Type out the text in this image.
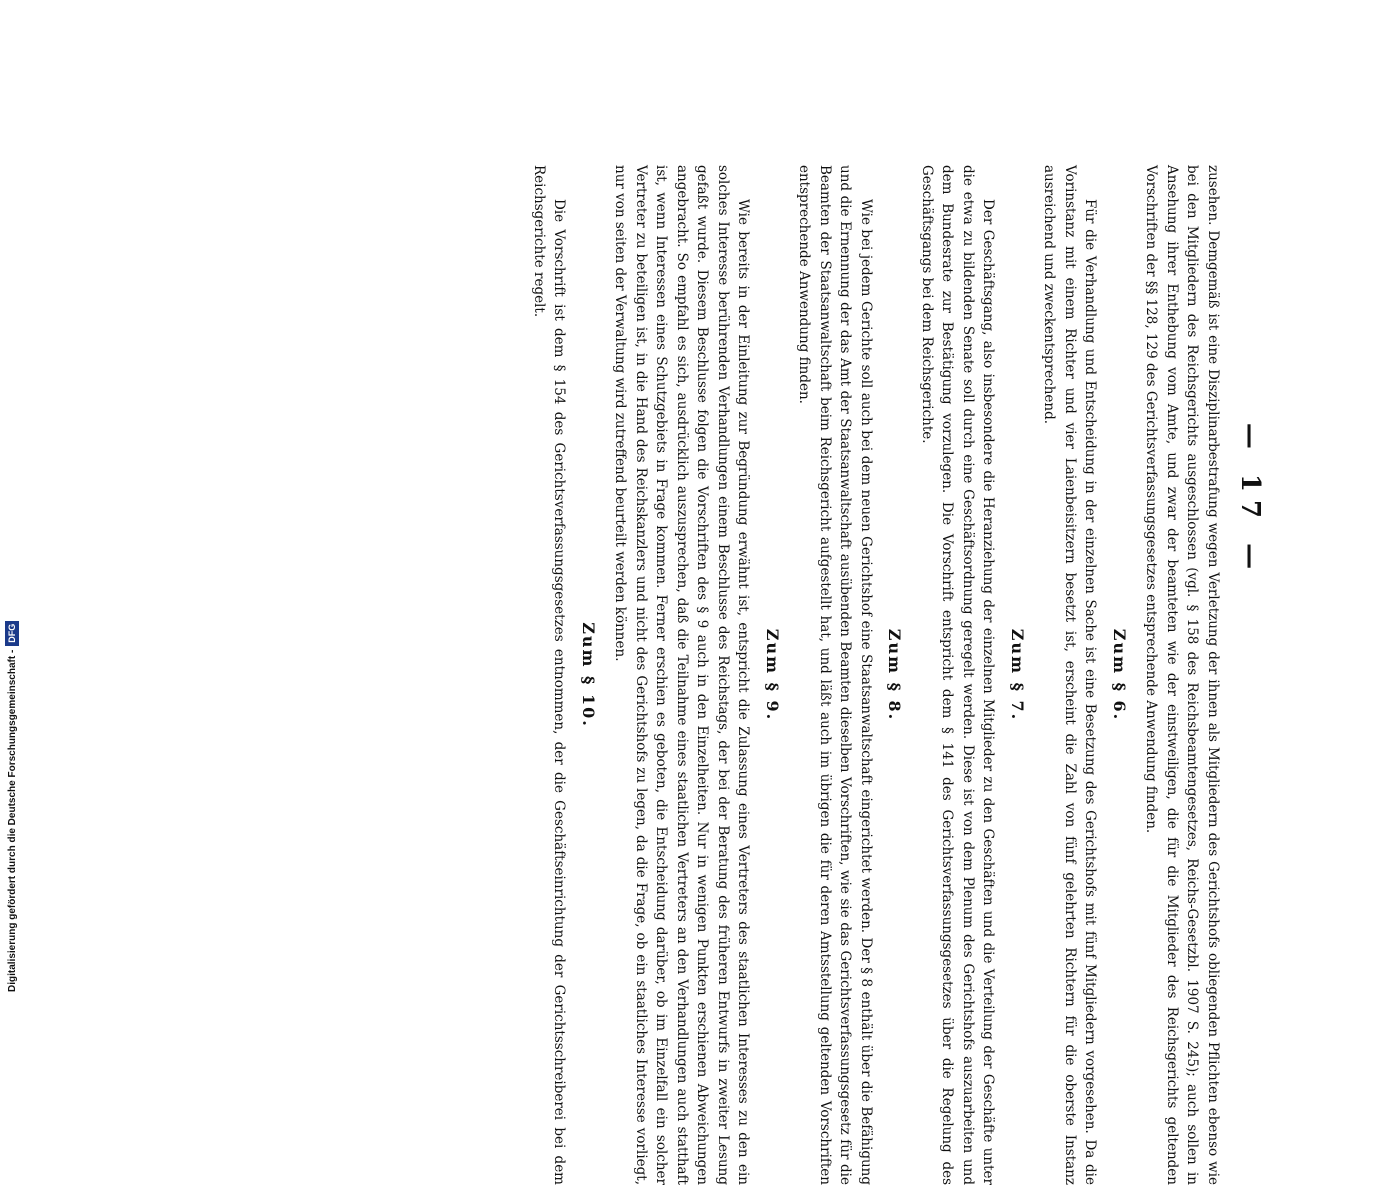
— 17 —

zusehen. Demgemäß ist eine Disziplinarbestrafung wegen Verletzung der ihnen als Mitgliedern des Gerichtshofs obliegenden Pflichten ebenso wie bei den Mitgliedern des Reichsgerichts ausgeschlossen (vgl. § 158 des Reichsbeamtengesetzes, Reichs-Gesetzbl. 1907 S. 245); auch sollen in Ansehung ihrer Enthebung vom Amte, und zwar der beamteten wie der einstweiligen, die für die Mitglieder des Reichsgerichts geltenden Vorschriften der §§ 128, 129 des Gerichtsverfassungsgesetzes entsprechende Anwendung finden.

Zum § 6.

Für die Verhandlung und Entscheidung in der einzelnen Sache ist eine Besetzung des Gerichtshofs mit fünf Mitgliedern vorgesehen. Da die Vorinstanz mit einem Richter und vier Laienbeisitzern besetzt ist, erscheint die Zahl von fünf gelehrten Richtern für die oberste Instanz ausreichend und zweckentsprechend.

Zum § 7.

Der Geschäftsgang, also insbesondere die Heranziehung der einzelnen Mitglieder zu den Geschäften und die Verteilung der Geschäfte unter die etwa zu bildenden Senate soll durch eine Geschäftsordnung geregelt werden. Diese ist von dem Plenum des Gerichtshofs auszuarbeiten und dem Bundesrate zur Bestätigung vorzulegen. Die Vorschrift entspricht dem § 141 des Gerichtsverfassungsgesetzes über die Regelung des Geschäftsgangs bei dem Reichsgerichte.

Zum § 8.

Wie bei jedem Gerichte soll auch bei dem neuen Gerichtshof eine Staatsanwaltschaft eingerichtet werden. Der § 8 enthält über die Befähigung und die Ernennung der das Amt der Staatsanwaltschaft ausübenden Beamten dieselben Vorschriften, wie sie das Gerichtsverfassungsgesetz für die Beamten der Staatsanwaltschaft beim Reichsgericht aufgestellt hat, und läßt auch im übrigen die für deren Amtsstellung geltenden Vorschriften entsprechende Anwendung finden.

Zum § 9.

Wie bereits in der Einleitung zur Begründung erwähnt ist, entspricht die Zulassung eines Vertreters des staatlichen Interesses zu den ein solches Interesse berührenden Verhandlungen einem Beschlusse des Reichstags, der bei der Beratung des früheren Entwurfs in zweiter Lesung gefaßt wurde. Diesem Beschlusse folgen die Vorschriften des § 9 auch in den Einzelheiten. Nur in wenigen Punkten erschienen Abweichungen angebracht. So empfahl es sich, ausdrücklich auszusprechen, daß die Teilnahme eines staatlichen Vertreters an den Verhandlungen auch statthaft ist, wenn Interessen eines Schutzgebiets in Frage kommen. Ferner erschien es geboten, die Entscheidung darüber, ob im Einzelfall ein solcher Vertreter zu beteiligen ist, in die Hand des Reichskanzlers und nicht des Gerichtshofs zu legen, da die Frage, ob ein staatliches Interesse vorliegt, nur von seiten der Verwaltung wird zutreffend beurteilt werden können.

Zum § 10.

Die Vorschrift ist dem § 154 des Gerichtsverfassungsgesetzes entnommen, der die Geschäftseinrichtung der Gerichtsschreiberei bei dem Reichsgerichte regelt.

Digitalisierung gefördert durch die Deutsche Forschungsgemeinschaft -
DFG
